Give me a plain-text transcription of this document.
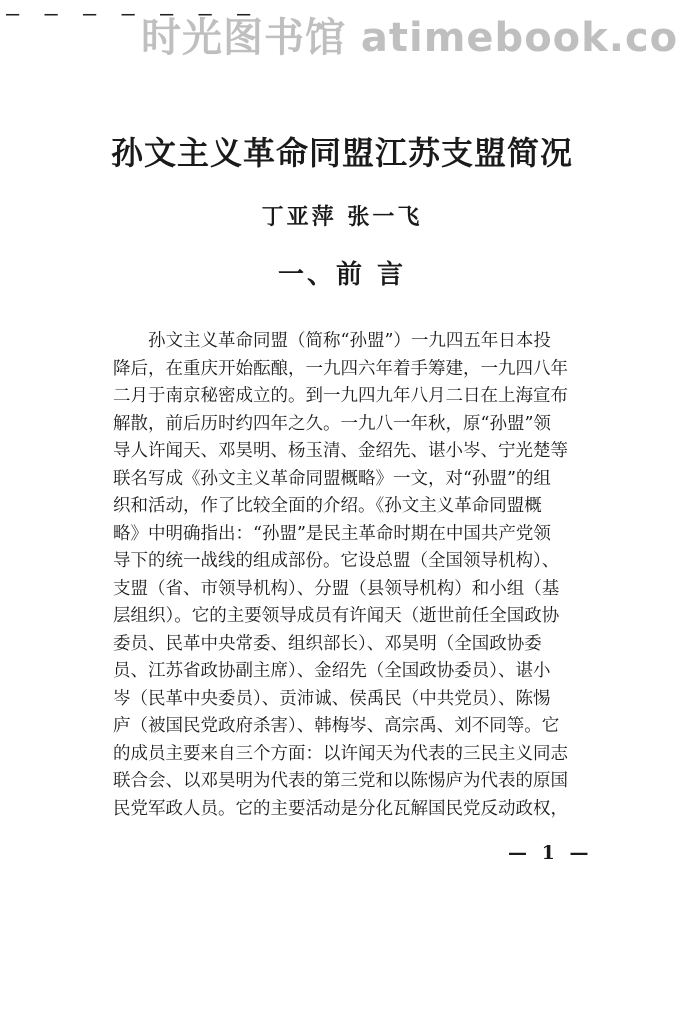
— — — — — — —
时光图书馆 atimebook.co
孙文主义革命同盟江苏支盟简况
丁亚萍 张一飞
一、前 言
　　孙文主义革命同盟（简称“孙盟”）一九四五年日本投
降后，在重庆开始酝酿，一九四六年着手筹建，一九四八年
二月于南京秘密成立的。到一九四九年八月二日在上海宣布
解散，前后历时约四年之久。一九八一年秋，原“孙盟”领
导人许闻天、邓昊明、杨玉清、金绍先、谌小岑、宁光楚等
联名写成《孙文主义革命同盟概略》一文，对“孙盟”的组
织和活动，作了比较全面的介绍。《孙文主义革命同盟概
略》中明确指出：“孙盟”是民主革命时期在中国共产党领
导下的统一战线的组成部份。它设总盟（全国领导机构）、
支盟（省、市领导机构）、分盟（县领导机构）和小组（基
层组织）。它的主要领导成员有许闻天（逝世前任全国政协
委员、民革中央常委、组织部长）、邓昊明（全国政协委
员、江苏省政协副主席）、金绍先（全国政协委员）、谌小
岑（民革中央委员）、贡沛诚、侯禹民（中共党员）、陈惕
庐（被国民党政府杀害）、韩梅岑、高宗禹、刘不同等。它
的成员主要来自三个方面：以许闻天为代表的三民主义同志
联合会、以邓昊明为代表的第三党和以陈惕庐为代表的原国
民党军政人员。它的主要活动是分化瓦解国民党反动政权，
— 1 —
